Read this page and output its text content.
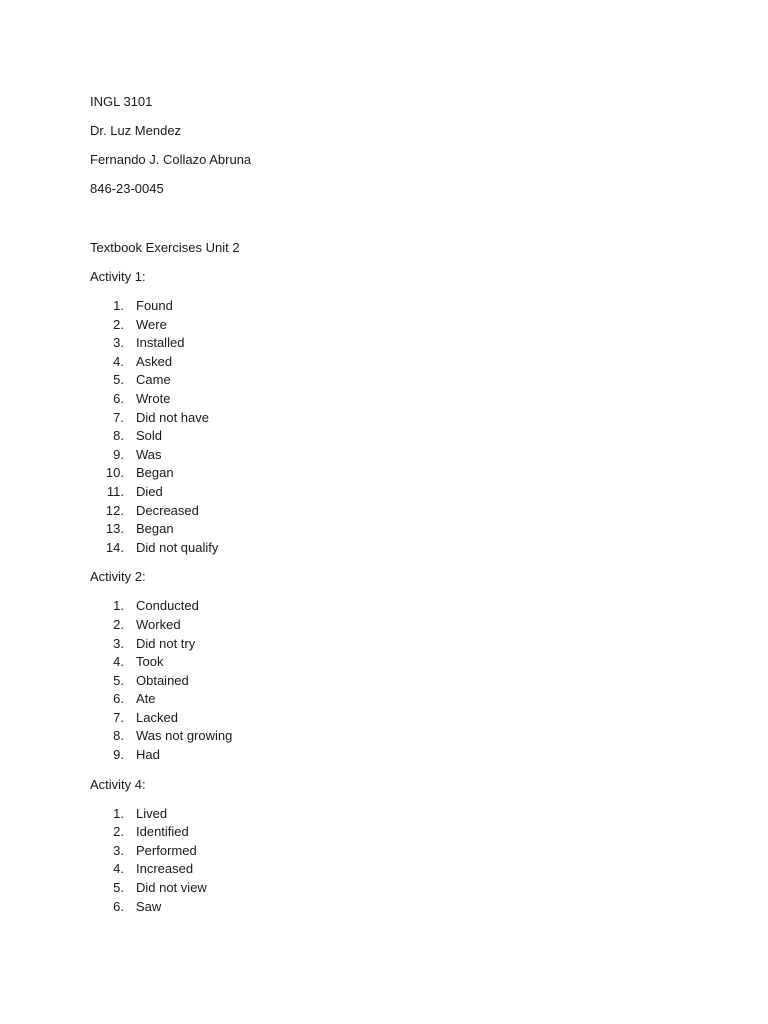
INGL 3101
Dr. Luz Mendez
Fernando J. Collazo Abruna
846-23-0045
Textbook Exercises Unit 2
Activity 1:
1. Found
2. Were
3. Installed
4. Asked
5. Came
6. Wrote
7. Did not have
8. Sold
9. Was
10. Began
11. Died
12. Decreased
13. Began
14. Did not qualify
Activity 2:
1. Conducted
2. Worked
3. Did not try
4. Took
5. Obtained
6. Ate
7. Lacked
8. Was not growing
9. Had
Activity 4:
1. Lived
2. Identified
3. Performed
4. Increased
5. Did not view
6. Saw
